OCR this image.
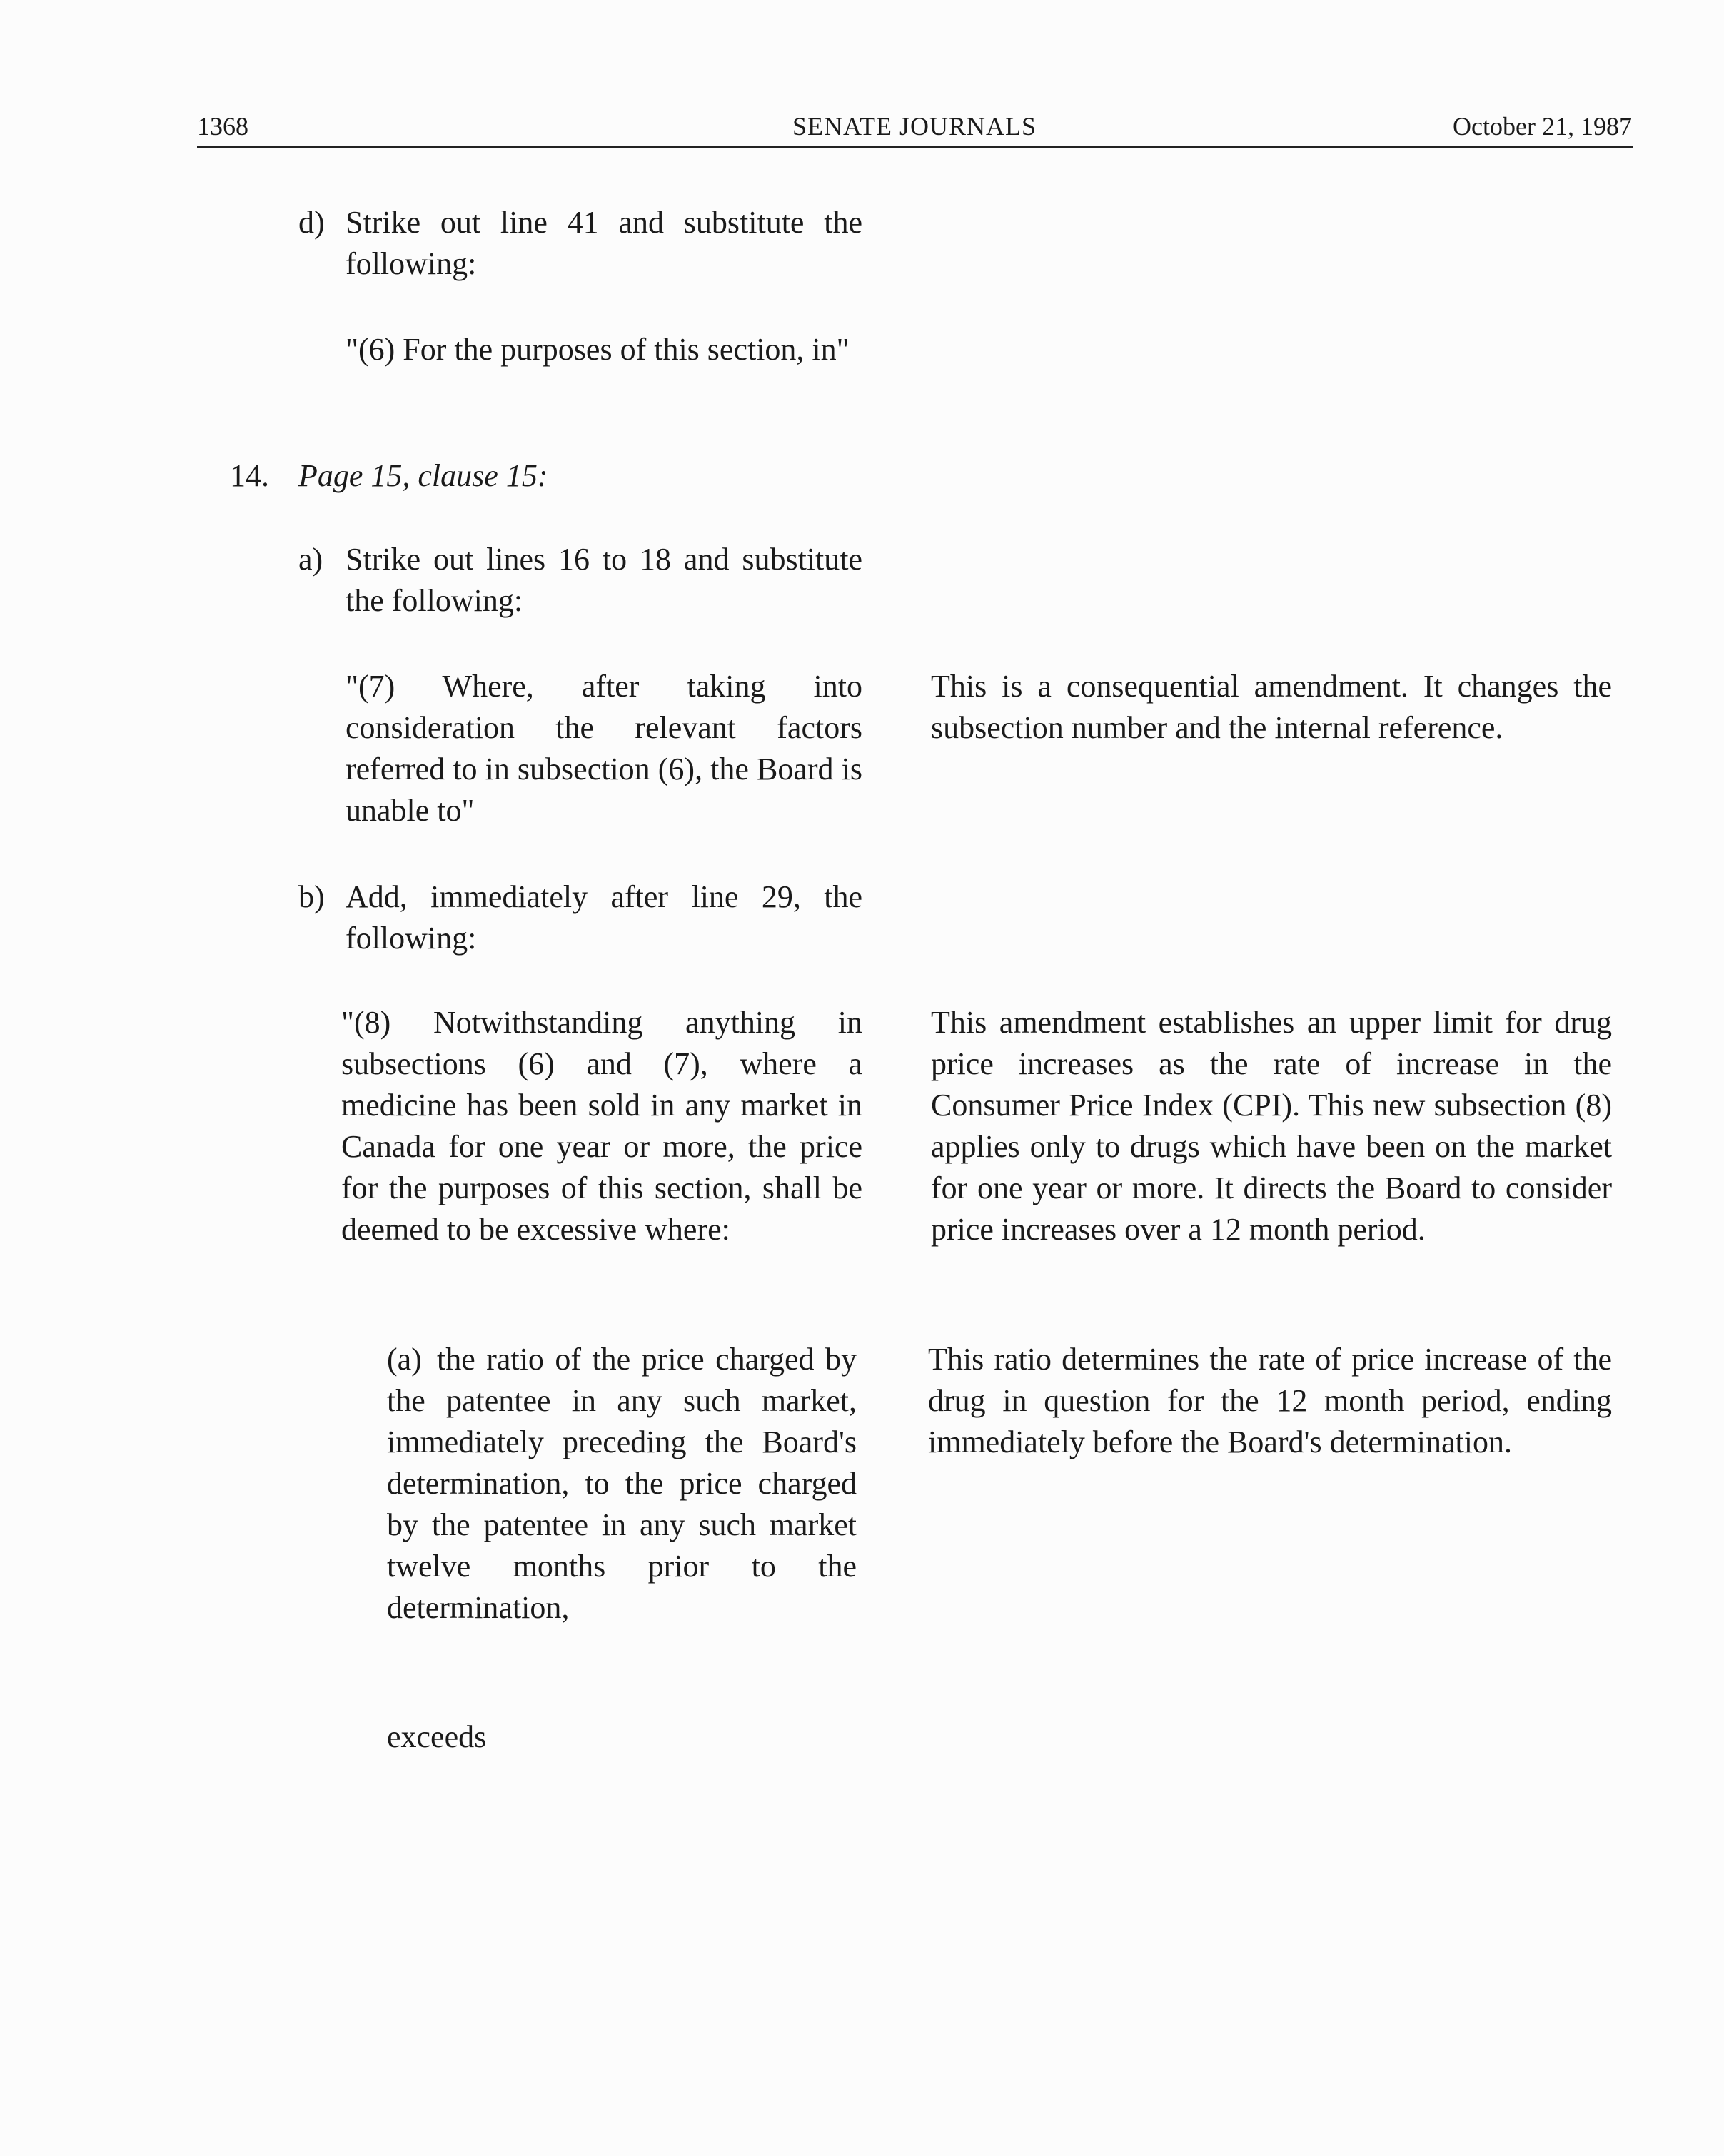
1368	SENATE JOURNALS	October 21, 1987
d) Strike out line 41 and substitute the following:
"(6) For the purposes of this section, in"
14. Page 15, clause 15:
a) Strike out lines 16 to 18 and substitute the following:
"(7) Where, after taking into consideration the relevant factors referred to in subsection (6), the Board is unable to"
This is a consequential amendment. It changes the subsection number and the internal reference.
b) Add, immediately after line 29, the following:
"(8) Notwithstanding anything in subsections (6) and (7), where a medicine has been sold in any market in Canada for one year or more, the price for the purposes of this section, shall be deemed to be excessive where:
This amendment establishes an upper limit for drug price increases as the rate of increase in the Consumer Price Index (CPI). This new subsection (8) applies only to drugs which have been on the market for one year or more. It directs the Board to consider price increases over a 12 month period.
(a) the ratio of the price charged by the patentee in any such market, immediately preceding the Board's determination, to the price charged by the patentee in any such market twelve months prior to the determination,
This ratio determines the rate of price increase of the drug in question for the 12 month period, ending immediately before the Board's determination.
exceeds
